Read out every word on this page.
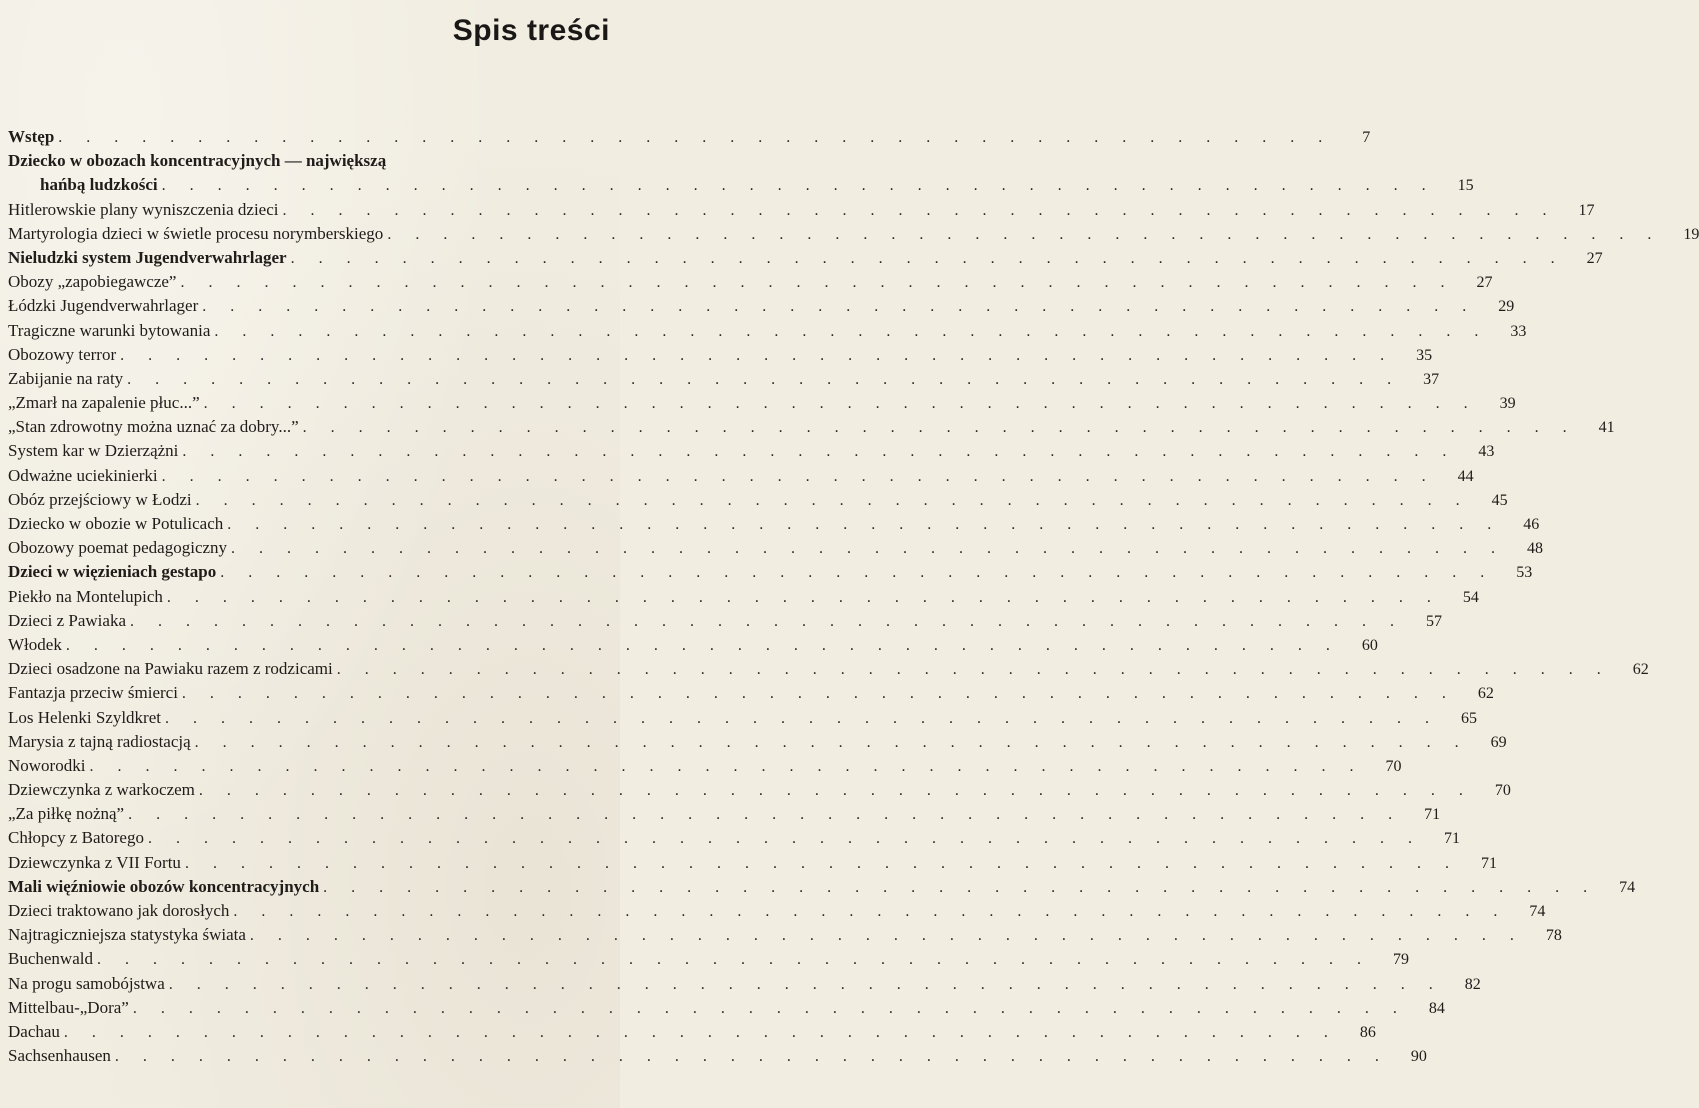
Spis treści
Wstęp . . . . . . . . . . . . . . . . . . . . . . . . . . . . . . . . . . . . . . . . . . . . . .	7
Dziecko w obozach koncentracyjnych — największą
hańbą ludzkości . . . . . . . . . . . . . . . . . . . . . . . . . . . . . . . . . . . . . . . . . . . . . .	15
Hitlerowskie plany wyniszczenia dzieci . . . . . . . . . . . . . . . . . . . . . . . . . . . . . . . . . . . . . . . . . . . . . .	17
Martyrologia dzieci w świetle procesu norymberskiego . . . . . . . . . . . . . . . . . . . . . . . . . . . . . . . . . . . . . . . . . . . . . .	19
Nieludzki system Jugendverwahrlager . . . . . . . . . . . . . . . . . . . . . . . . . . . . . . . . . . . . . . . . . . . . . .	27
Obozy „zapobiegawcze” . . . . . . . . . . . . . . . . . . . . . . . . . . . . . . . . . . . . . . . . . . . . . .	27
Łódzki Jugendverwahrlager . . . . . . . . . . . . . . . . . . . . . . . . . . . . . . . . . . . . . . . . . . . . . .	29
Tragiczne warunki bytowania . . . . . . . . . . . . . . . . . . . . . . . . . . . . . . . . . . . . . . . . . . . . . .	33
Obozowy terror . . . . . . . . . . . . . . . . . . . . . . . . . . . . . . . . . . . . . . . . . . . . . .	35
Zabijanie na raty . . . . . . . . . . . . . . . . . . . . . . . . . . . . . . . . . . . . . . . . . . . . . .	37
„Zmarł na zapalenie płuc...” . . . . . . . . . . . . . . . . . . . . . . . . . . . . . . . . . . . . . . . . . . . . . .	39
„Stan zdrowotny można uznać za dobry...” . . . . . . . . . . . . . . . . . . . . . . . . . . . . . . . . . . . . . . . . . . . . . .	41
System kar w Dzierzążni . . . . . . . . . . . . . . . . . . . . . . . . . . . . . . . . . . . . . . . . . . . . . .	43
Odważne uciekinierki . . . . . . . . . . . . . . . . . . . . . . . . . . . . . . . . . . . . . . . . . . . . . .	44
Obóz przejściowy w Łodzi . . . . . . . . . . . . . . . . . . . . . . . . . . . . . . . . . . . . . . . . . . . . . .	45
Dziecko w obozie w Potulicach . . . . . . . . . . . . . . . . . . . . . . . . . . . . . . . . . . . . . . . . . . . . . .	46
Obozowy poemat pedagogiczny . . . . . . . . . . . . . . . . . . . . . . . . . . . . . . . . . . . . . . . . . . . . . .	48
Dzieci w więzieniach gestapo . . . . . . . . . . . . . . . . . . . . . . . . . . . . . . . . . . . . . . . . . . . . . .	53
Piekło na Montelupich . . . . . . . . . . . . . . . . . . . . . . . . . . . . . . . . . . . . . . . . . . . . . .	54
Dzieci z Pawiaka . . . . . . . . . . . . . . . . . . . . . . . . . . . . . . . . . . . . . . . . . . . . . .	57
Włodek . . . . . . . . . . . . . . . . . . . . . . . . . . . . . . . . . . . . . . . . . . . . . .	60
Dzieci osadzone na Pawiaku razem z rodzicami . . . . . . . . . . . . . . . . . . . . . . . . . . . . . . . . . . . . . . . . . . . . . .	62
Fantazja przeciw śmierci . . . . . . . . . . . . . . . . . . . . . . . . . . . . . . . . . . . . . . . . . . . . . .	62
Los Helenki Szyldkret . . . . . . . . . . . . . . . . . . . . . . . . . . . . . . . . . . . . . . . . . . . . . .	65
Marysia z tajną radiostacją . . . . . . . . . . . . . . . . . . . . . . . . . . . . . . . . . . . . . . . . . . . . . .	69
Noworodki . . . . . . . . . . . . . . . . . . . . . . . . . . . . . . . . . . . . . . . . . . . . . .	70
Dziewczynka z warkoczem . . . . . . . . . . . . . . . . . . . . . . . . . . . . . . . . . . . . . . . . . . . . . .	70
„Za piłkę nożną” . . . . . . . . . . . . . . . . . . . . . . . . . . . . . . . . . . . . . . . . . . . . . .	71
Chłopcy z Batorego . . . . . . . . . . . . . . . . . . . . . . . . . . . . . . . . . . . . . . . . . . . . . .	71
Dziewczynka z VII Fortu . . . . . . . . . . . . . . . . . . . . . . . . . . . . . . . . . . . . . . . . . . . . . .	71
Mali więźniowie obozów koncentracyjnych . . . . . . . . . . . . . . . . . . . . . . . . . . . . . . . . . . . . . . . . . . . . . .	74
Dzieci traktowano jak dorosłych . . . . . . . . . . . . . . . . . . . . . . . . . . . . . . . . . . . . . . . . . . . . . .	74
Najtragiczniejsza statystyka świata . . . . . . . . . . . . . . . . . . . . . . . . . . . . . . . . . . . . . . . . . . . . . .	78
Buchenwald . . . . . . . . . . . . . . . . . . . . . . . . . . . . . . . . . . . . . . . . . . . . . .	79
Na progu samobójstwa . . . . . . . . . . . . . . . . . . . . . . . . . . . . . . . . . . . . . . . . . . . . . .	82
Mittelbau-„Dora” . . . . . . . . . . . . . . . . . . . . . . . . . . . . . . . . . . . . . . . . . . . . . .	84
Dachau . . . . . . . . . . . . . . . . . . . . . . . . . . . . . . . . . . . . . . . . . . . . . .	86
Sachsenhausen . . . . . . . . . . . . . . . . . . . . . . . . . . . . . . . . . . . . . . . . . . . . . .	90
